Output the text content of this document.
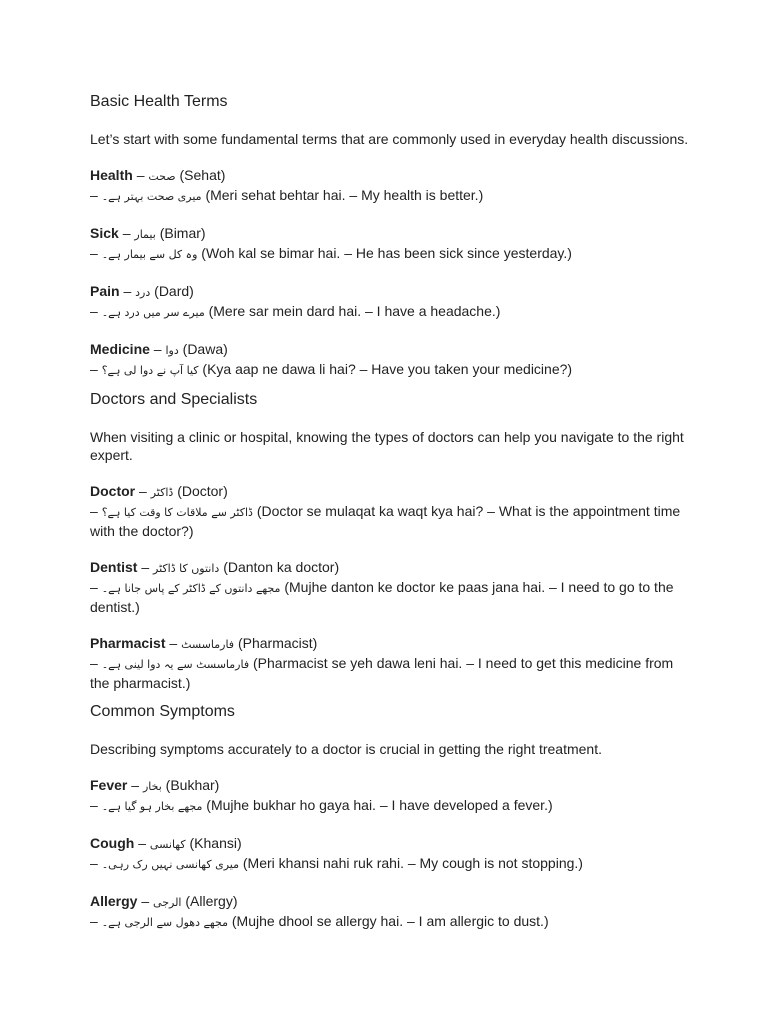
Basic Health Terms

Let’s start with some fundamental terms that are commonly used in everyday health discussions.

Health – صحت (Sehat)
– میری صحت بہتر ہے۔ (Meri sehat behtar hai. – My health is better.)
Sick – بیمار (Bimar)
– وہ کل سے بیمار ہے۔ (Woh kal se bimar hai. – He has been sick since yesterday.)
Pain – درد (Dard)
– میرے سر میں درد ہے۔ (Mere sar mein dard hai. – I have a headache.)
Medicine – دوا (Dawa)
– کیا آپ نے دوا لی ہے؟ (Kya aap ne dawa li hai? – Have you taken your medicine?)
Doctors and Specialists

When visiting a clinic or hospital, knowing the types of doctors can help you navigate to the right expert.

Doctor – ڈاکٹر (Doctor)
– ڈاکٹر سے ملاقات کا وقت کیا ہے؟ (Doctor se mulaqat ka waqt kya hai? – What is the appointment time with the doctor?)
Dentist – دانتوں کا ڈاکٹر (Danton ka doctor)
– مجھے دانتوں کے ڈاکٹر کے پاس جانا ہے۔ (Mujhe danton ke doctor ke paas jana hai. – I need to go to the dentist.)
Pharmacist – فارماسسٹ (Pharmacist)
– فارماسسٹ سے یہ دوا لینی ہے۔ (Pharmacist se yeh dawa leni hai. – I need to get this medicine from the pharmacist.)
Common Symptoms

Describing symptoms accurately to a doctor is crucial in getting the right treatment.

Fever – بخار (Bukhar)
– مجھے بخار ہو گیا ہے۔ (Mujhe bukhar ho gaya hai. – I have developed a fever.)
Cough – کھانسی (Khansi)
– میری کھانسی نہیں رک رہی۔ (Meri khansi nahi ruk rahi. – My cough is not stopping.)
Allergy – الرجی (Allergy)
– مجھے دھول سے الرجی ہے۔ (Mujhe dhool se allergy hai. – I am allergic to dust.)
